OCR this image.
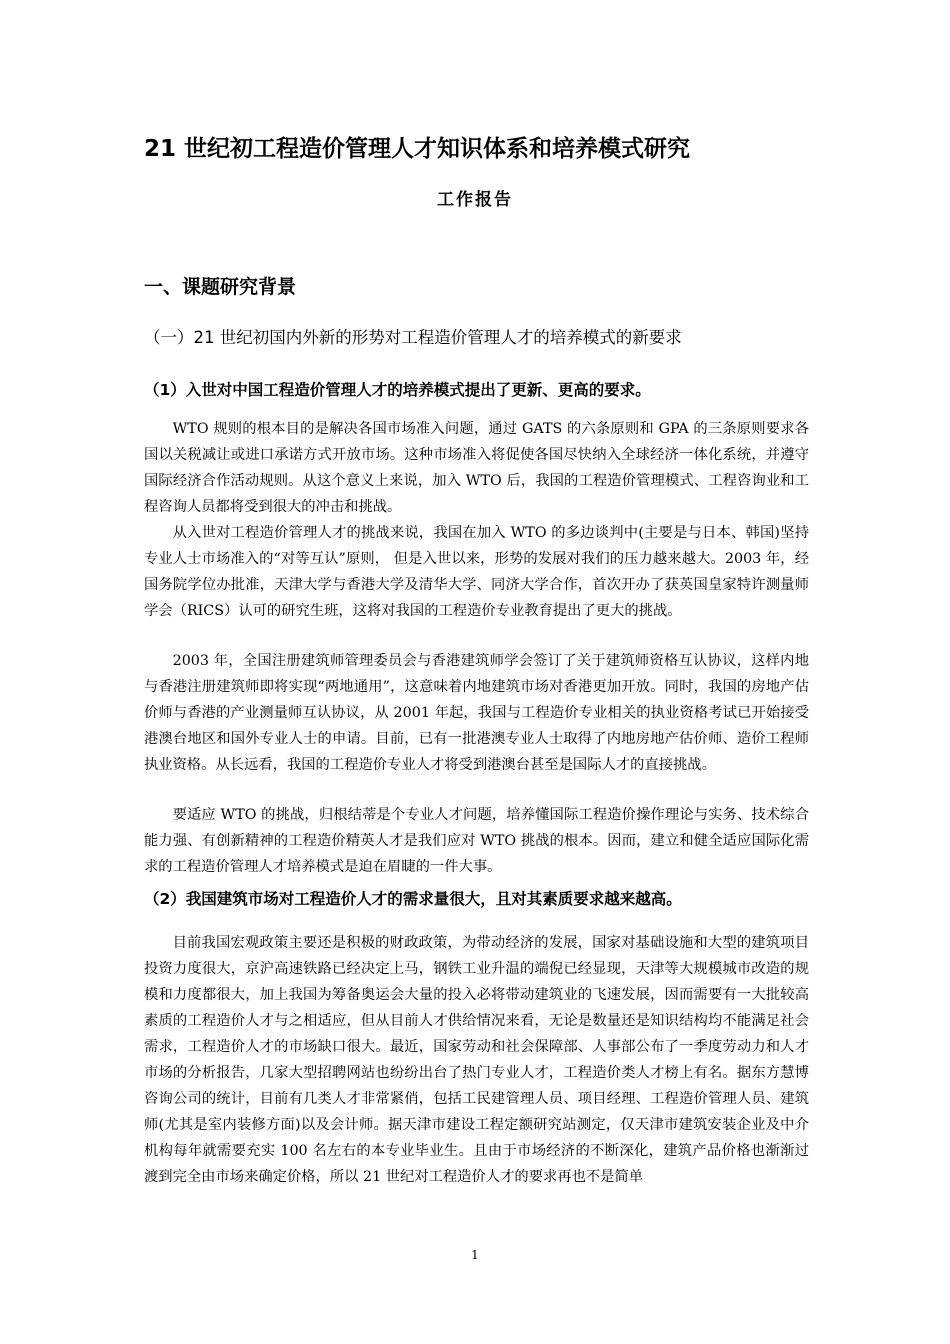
21 世纪初工程造价管理人才知识体系和培养模式研究
工作报告
一、课题研究背景
（一）21 世纪初国内外新的形势对工程造价管理人才的培养模式的新要求
（1）入世对中国工程造价管理人才的培养模式提出了更新、更高的要求。

WTO 规则的根本目的是解决各国市场准入问题，通过 GATS 的六条原则和 GPA 的三条原则要求各国以关税减让或进口承诺方式开放市场。这种市场准入将促使各国尽快纳入全球经济一体化系统，并遵守国际经济合作活动规则。从这个意义上来说，加入 WTO 后，我国的工程造价管理模式、工程咨询业和工程咨询人员都将受到很大的冲击和挑战。

从入世对工程造价管理人才的挑战来说，我国在加入 WTO 的多边谈判中(主要是与日本、韩国)坚持专业人士市场准入的“对等互认”原则， 但是入世以来，形势的发展对我们的压力越来越大。2003 年，经国务院学位办批准，天津大学与香港大学及清华大学、同济大学合作，首次开办了获英国皇家特许测量师学会（RICS）认可的研究生班，这将对我国的工程造价专业教育提出了更大的挑战。

2003 年，全国注册建筑师管理委员会与香港建筑师学会签订了关于建筑师资格互认协议，这样内地与香港注册建筑师即将实现“两地通用”，这意味着内地建筑市场对香港更加开放。同时，我国的房地产估价师与香港的产业测量师互认协议，从 2001 年起，我国与工程造价专业相关的执业资格考试已开始接受港澳台地区和国外专业人士的申请。目前，已有一批港澳专业人士取得了内地房地产估价师、造价工程师执业资格。从长远看，我国的工程造价专业人才将受到港澳台甚至是国际人才的直接挑战。

要适应 WTO 的挑战，归根结蒂是个专业人才问题，培养懂国际工程造价操作理论与实务、技术综合能力强、有创新精神的工程造价精英人才是我们应对 WTO 挑战的根本。因而，建立和健全适应国际化需求的工程造价管理人才培养模式是迫在眉睫的一件大事。

（2）我国建筑市场对工程造价人才的需求量很大，且对其素质要求越来越高。

目前我国宏观政策主要还是积极的财政政策，为带动经济的发展，国家对基础设施和大型的建筑项目投资力度很大，京沪高速铁路已经决定上马，钢铁工业升温的端倪已经显现，天津等大规模城市改造的规模和力度都很大，加上我国为筹备奥运会大量的投入必将带动建筑业的飞速发展，因而需要有一大批较高素质的工程造价人才与之相适应，但从目前人才供给情况来看，无论是数量还是知识结构均不能满足社会需求，工程造价人才的市场缺口很大。最近，国家劳动和社会保障部、人事部公布了一季度劳动力和人才市场的分析报告，几家大型招聘网站也纷纷出台了热门专业人才，工程造价类人才榜上有名。据东方慧博咨询公司的统计，目前有几类人才非常紧俏，包括工民建管理人员、项目经理、工程造价管理人员、建筑师(尤其是室内装修方面)以及会计师。据天津市建设工程定额研究站测定，仅天津市建筑安装企业及中介机构每年就需要充实 100 名左右的本专业毕业生。且由于市场经济的不断深化，建筑产品价格也渐渐过渡到完全由市场来确定价格，所以 21 世纪对工程造价人才的要求再也不是简单

1
